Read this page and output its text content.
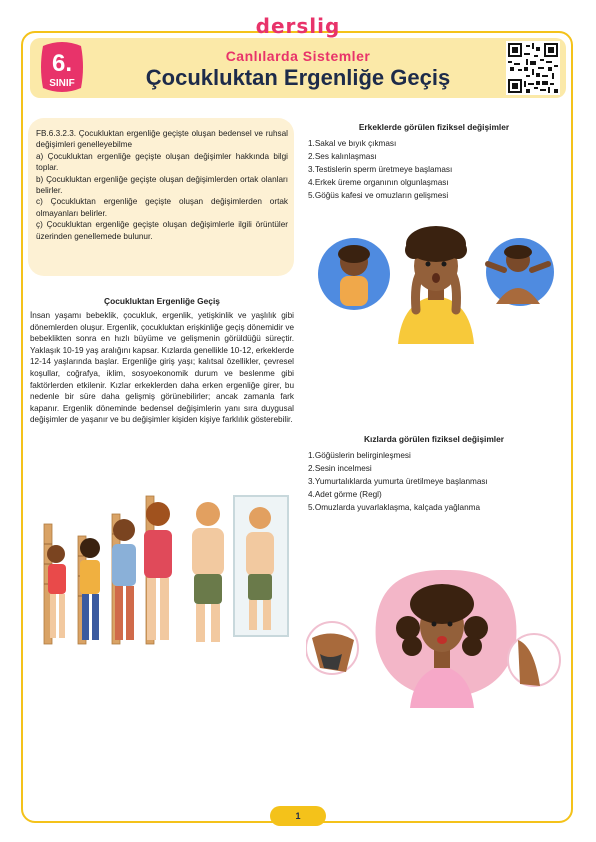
derslig
6.
SINIF
Canlılarda Sistemler
Çocukluktan Ergenliğe Geçiş

FB.6.3.2.3. Çocukluktan ergenliğe geçişte oluşan bedensel ve ruhsal değişimleri genelleyebilme

a) Çocukluktan ergenliğe geçişte oluşan değişimler hakkında bilgi toplar.

b) Çocukluktan ergenliğe geçişte oluşan değişimlerden ortak olanları belirler.

c) Çocukluktan ergenliğe geçişte oluşan değişimlerden ortak olmayanları belirler.

ç) Çocukluktan ergenliğe geçişte oluşan değişimlerle ilgili örüntüler üzerinden genellemede bulunur.

Çocukluktan Ergenliğe Geçiş
İnsan yaşamı bebeklik, çocukluk, ergenlik, yetişkinlik ve yaşlılık gibi dönemlerden oluşur. Ergenlik, çocukluktan erişkinliğe geçiş dönemidir ve bebeklikten sonra en hızlı büyüme ve gelişmenin görüldüğü süreçtir. Yaklaşık 10-19 yaş aralığını kapsar. Kızlarda genellikle 10-12, erkeklerde 12-14 yaşlarında başlar. Ergenliğe giriş yaşı; kalıtsal özellikler, çevresel koşullar, coğrafya, iklim, sosyoekonomik durum ve beslenme gibi faktörlerden etkilenir. Kızlar erkeklerden daha erken ergenliğe girer, bu nedenle bir süre daha gelişmiş görünebilirler; ancak zamanla fark kapanır. Ergenlik döneminde bedensel değişimlerin yanı sıra duygusal değişimler de yaşanır ve bu değişimler kişiden kişiye farklılık gösterebilir.
Erkeklerde görülen fiziksel değişimler
1.Sakal ve bıyık çıkması
2.Ses kalınlaşması
3.Testislerin sperm üretmeye başlaması
4.Erkek üreme organının olgunlaşması
5.Göğüs kafesi ve omuzların gelişmesi
Kızlarda görülen fiziksel değişimler
1.Göğüslerin belirginleşmesi
2.Sesin incelmesi
3.Yumurtalıklarda yumurta üretilmeye başlanması
4.Adet görme (Regl)
5.Omuzlarda yuvarlaklaşma, kalçada yağlanma
1
